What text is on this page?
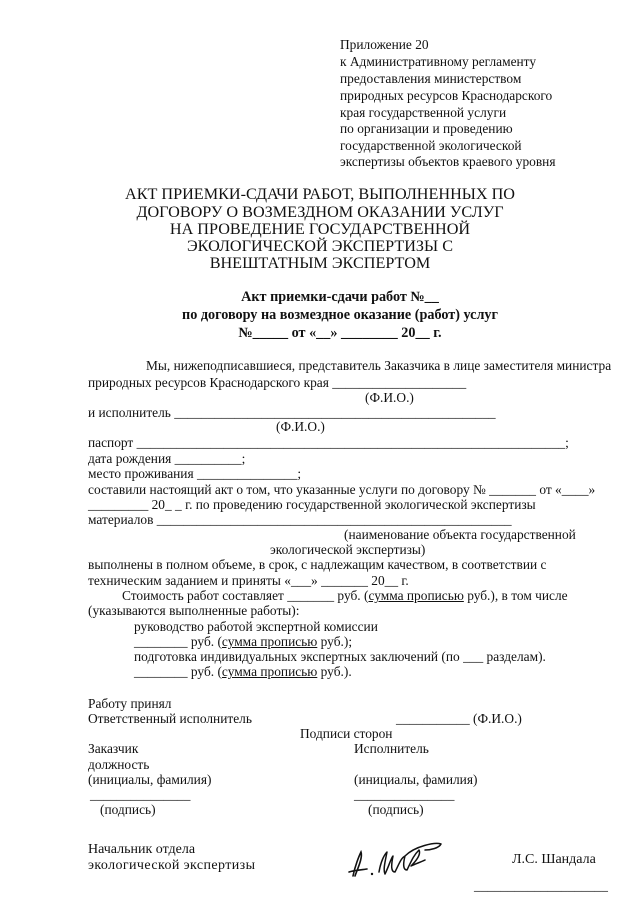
Приложение 20
к Административному регламенту
предоставления министерством
природных ресурсов Краснодарского
края государственной услуги
по организации и проведению
государственной экологической
экспертизы объектов краевого уровня
АКТ ПРИЕМКИ-СДАЧИ РАБОТ, ВЫПОЛНЕННЫХ ПО
ДОГОВОРУ О ВОЗМЕЗДНОМ ОКАЗАНИИ УСЛУГ
НА ПРОВЕДЕНИЕ ГОСУДАРСТВЕННОЙ
ЭКОЛОГИЧЕСКОЙ ЭКСПЕРТИЗЫ С
ВНЕШТАТНЫМ ЭКСПЕРТОМ
Акт приемки-сдачи работ №__
по договору на возмездное оказание (работ) услуг
№_____ от «__» ________ 20__ г.
Мы, нижеподписавшиеся, представитель Заказчика в лице заместителя министра
природных ресурсов Краснодарского края ____________________
(Ф.И.О.)
и исполнитель ________________________________________________
(Ф.И.О.)
паспорт ________________________________________________________________;
дата рождения __________;
место проживания _______________;
составили настоящий акт о том, что указанные услуги по договору № _______ от «____»
_________ 20_ _ г. по проведению государственной экологической экспертизы
материалов _____________________________________________________
(наименование объекта государственной
экологической экспертизы)
выполнены в полном объеме, в срок, с надлежащим качеством, в соответствии с
техническим заданием и приняты «___» _______ 20__ г.
Стоимость работ составляет _______ руб. (сумма прописью руб.), в том числе
(указываются выполненные работы):
руководство работой экспертной комиссии
________ руб. (сумма прописью руб.);
подготовка индивидуальных экспертных заключений (по ___ разделам).
________ руб. (сумма прописью руб.).
Работу принял
Ответственный исполнитель	___________ (Ф.И.О.)
Подписи сторон
Заказчик	Исполнитель
должность
(инициалы, фамилия)	(инициалы, фамилия)
_______________	_______________
(подпись)	(подпись)
Начальник отдела
экологической экспертизы	Л.С. Шандала
____________________
